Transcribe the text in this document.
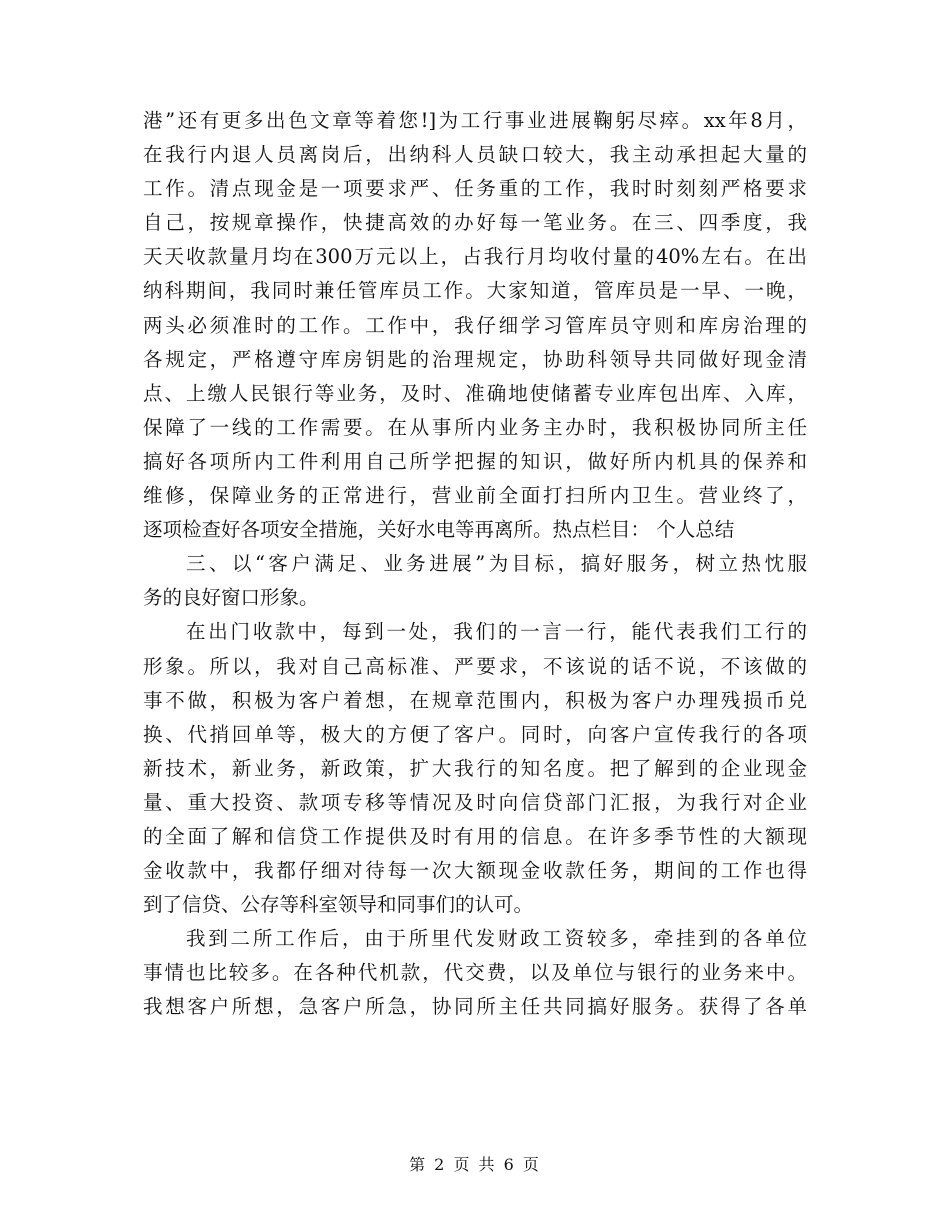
港”还有更多出色文章等着您!]为工行事业进展鞠躬尽瘁。xx年8月，
在我行内退人员离岗后，出纳科人员缺口较大，我主动承担起大量的
工作。清点现金是一项要求严、任务重的工作，我时时刻刻严格要求
自己，按规章操作，快捷高效的办好每一笔业务。在三、四季度，我
天天收款量月均在300万元以上，占我行月均收付量的40%左右。在出
纳科期间，我同时兼任管库员工作。大家知道，管库员是一早、一晚，
两头必须准时的工作。工作中，我仔细学习管库员守则和库房治理的
各规定，严格遵守库房钥匙的治理规定，协助科领导共同做好现金清
点、上缴人民银行等业务，及时、准确地使储蓄专业库包出库、入库，
保障了一线的工作需要。在从事所内业务主办时，我积极协同所主任
搞好各项所内工件利用自己所学把握的知识，做好所内机具的保养和
维修，保障业务的正常进行，营业前全面打扫所内卫生。营业终了，
逐项检查好各项安全措施，关好水电等再离所。热点栏目： 个人总结
三、以“客户满足、业务进展”为目标，搞好服务，树立热忱服
务的良好窗口形象。
在出门收款中，每到一处，我们的一言一行，能代表我们工行的
形象。所以，我对自己高标准、严要求，不该说的话不说，不该做的
事不做，积极为客户着想，在规章范围内，积极为客户办理残损币兑
换、代捎回单等，极大的方便了客户。同时，向客户宣传我行的各项
新技术，新业务，新政策，扩大我行的知名度。把了解到的企业现金
量、重大投资、款项专移等情况及时向信贷部门汇报，为我行对企业
的全面了解和信贷工作提供及时有用的信息。在许多季节性的大额现
金收款中，我都仔细对待每一次大额现金收款任务，期间的工作也得
到了信贷、公存等科室领导和同事们的认可。
我到二所工作后，由于所里代发财政工资较多，牵挂到的各单位
事情也比较多。在各种代机款，代交费，以及单位与银行的业务来中。
我想客户所想，急客户所急，协同所主任共同搞好服务。获得了各单
第 2 页 共 6 页
